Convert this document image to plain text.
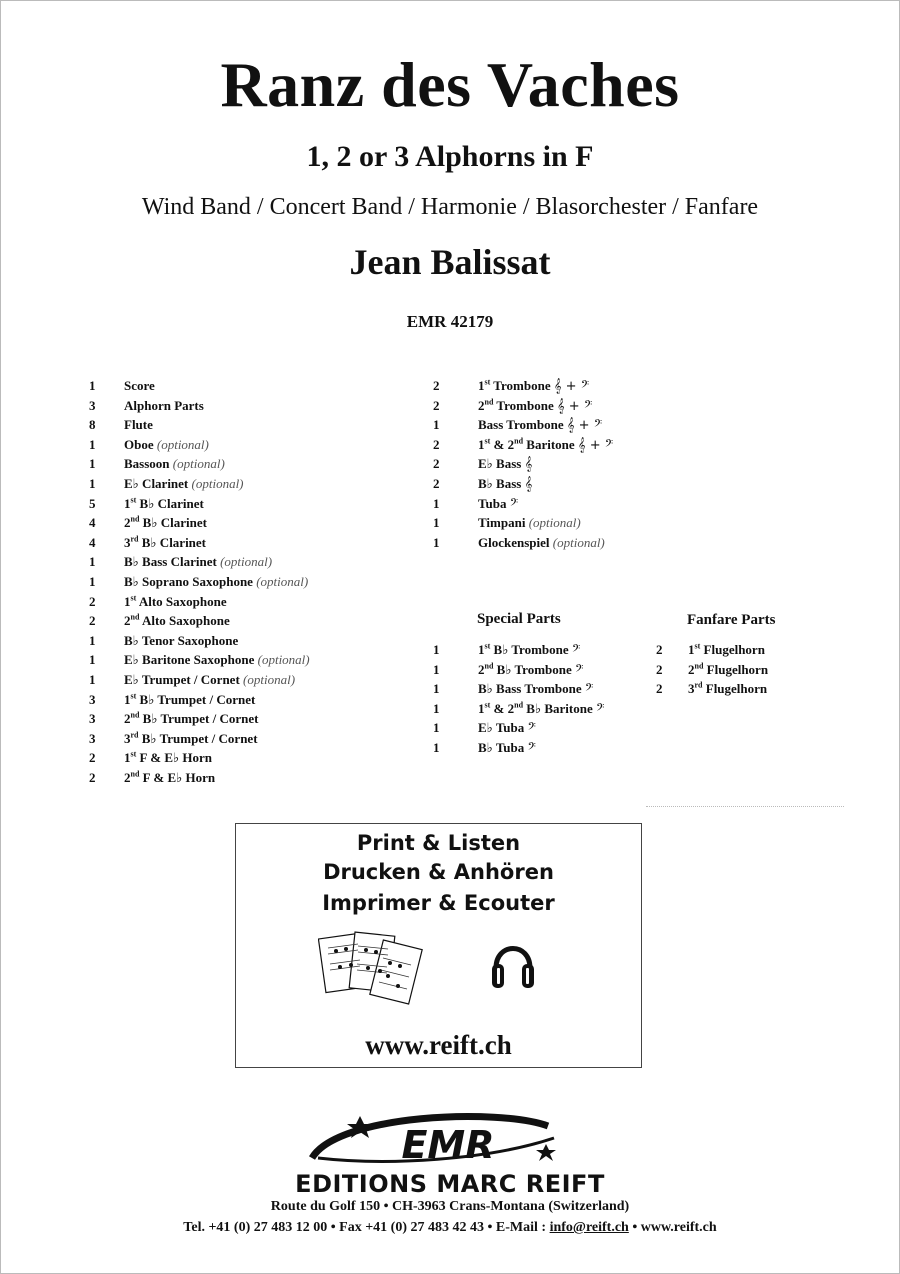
Ranz des Vaches
1, 2 or 3 Alphorns in F
Wind Band / Concert Band / Harmonie / Blasorchester / Fanfare
Jean Balissat
EMR 42179
1	Score
3	Alphorn Parts
8	Flute
1	Oboe (optional)
1	Bassoon (optional)
1	E♭ Clarinet (optional)
5	1st B♭ Clarinet
4	2nd B♭ Clarinet
4	3rd B♭ Clarinet
1	B♭ Bass Clarinet (optional)
1	B♭ Soprano Saxophone (optional)
2	1st Alto Saxophone
2	2nd Alto Saxophone
1	B♭ Tenor Saxophone
1	E♭ Baritone Saxophone (optional)
1	E♭ Trumpet / Cornet (optional)
3	1st B♭ Trumpet / Cornet
3	2nd B♭ Trumpet / Cornet
3	3rd B♭ Trumpet / Cornet
2	1st F & E♭ Horn
2	2nd F & E♭ Horn
2	1st Trombone 𝄞 + 𝄢
2	2nd Trombone 𝄞 + 𝄢
1	Bass Trombone 𝄞 + 𝄢
2	1st & 2nd Baritone 𝄞 + 𝄢
2	E♭ Bass 𝄞
2	B♭ Bass 𝄞
1	Tuba 𝄢
1	Timpani (optional)
1	Glockenspiel (optional)
Special Parts	Fanfare Parts
1	1st B♭ Trombone 𝄢
1	2nd B♭ Trombone 𝄢
1	B♭ Bass Trombone 𝄢
1	1st & 2nd B♭ Baritone 𝄢
1	E♭ Tuba 𝄢
1	B♭ Tuba 𝄢
2	1st Flugelhorn
2	2nd Flugelhorn
2	3rd Flugelhorn
Print & Listen
Drucken & Anhören
Imprimer & Ecouter
www.reift.ch
EMR
EDITIONS MARC REIFT
Route du Golf 150 • CH-3963 Crans-Montana (Switzerland)
Tel. +41 (0) 27 483 12 00 • Fax +41 (0) 27 483 42 43 • E-Mail : info@reift.ch • www.reift.ch
